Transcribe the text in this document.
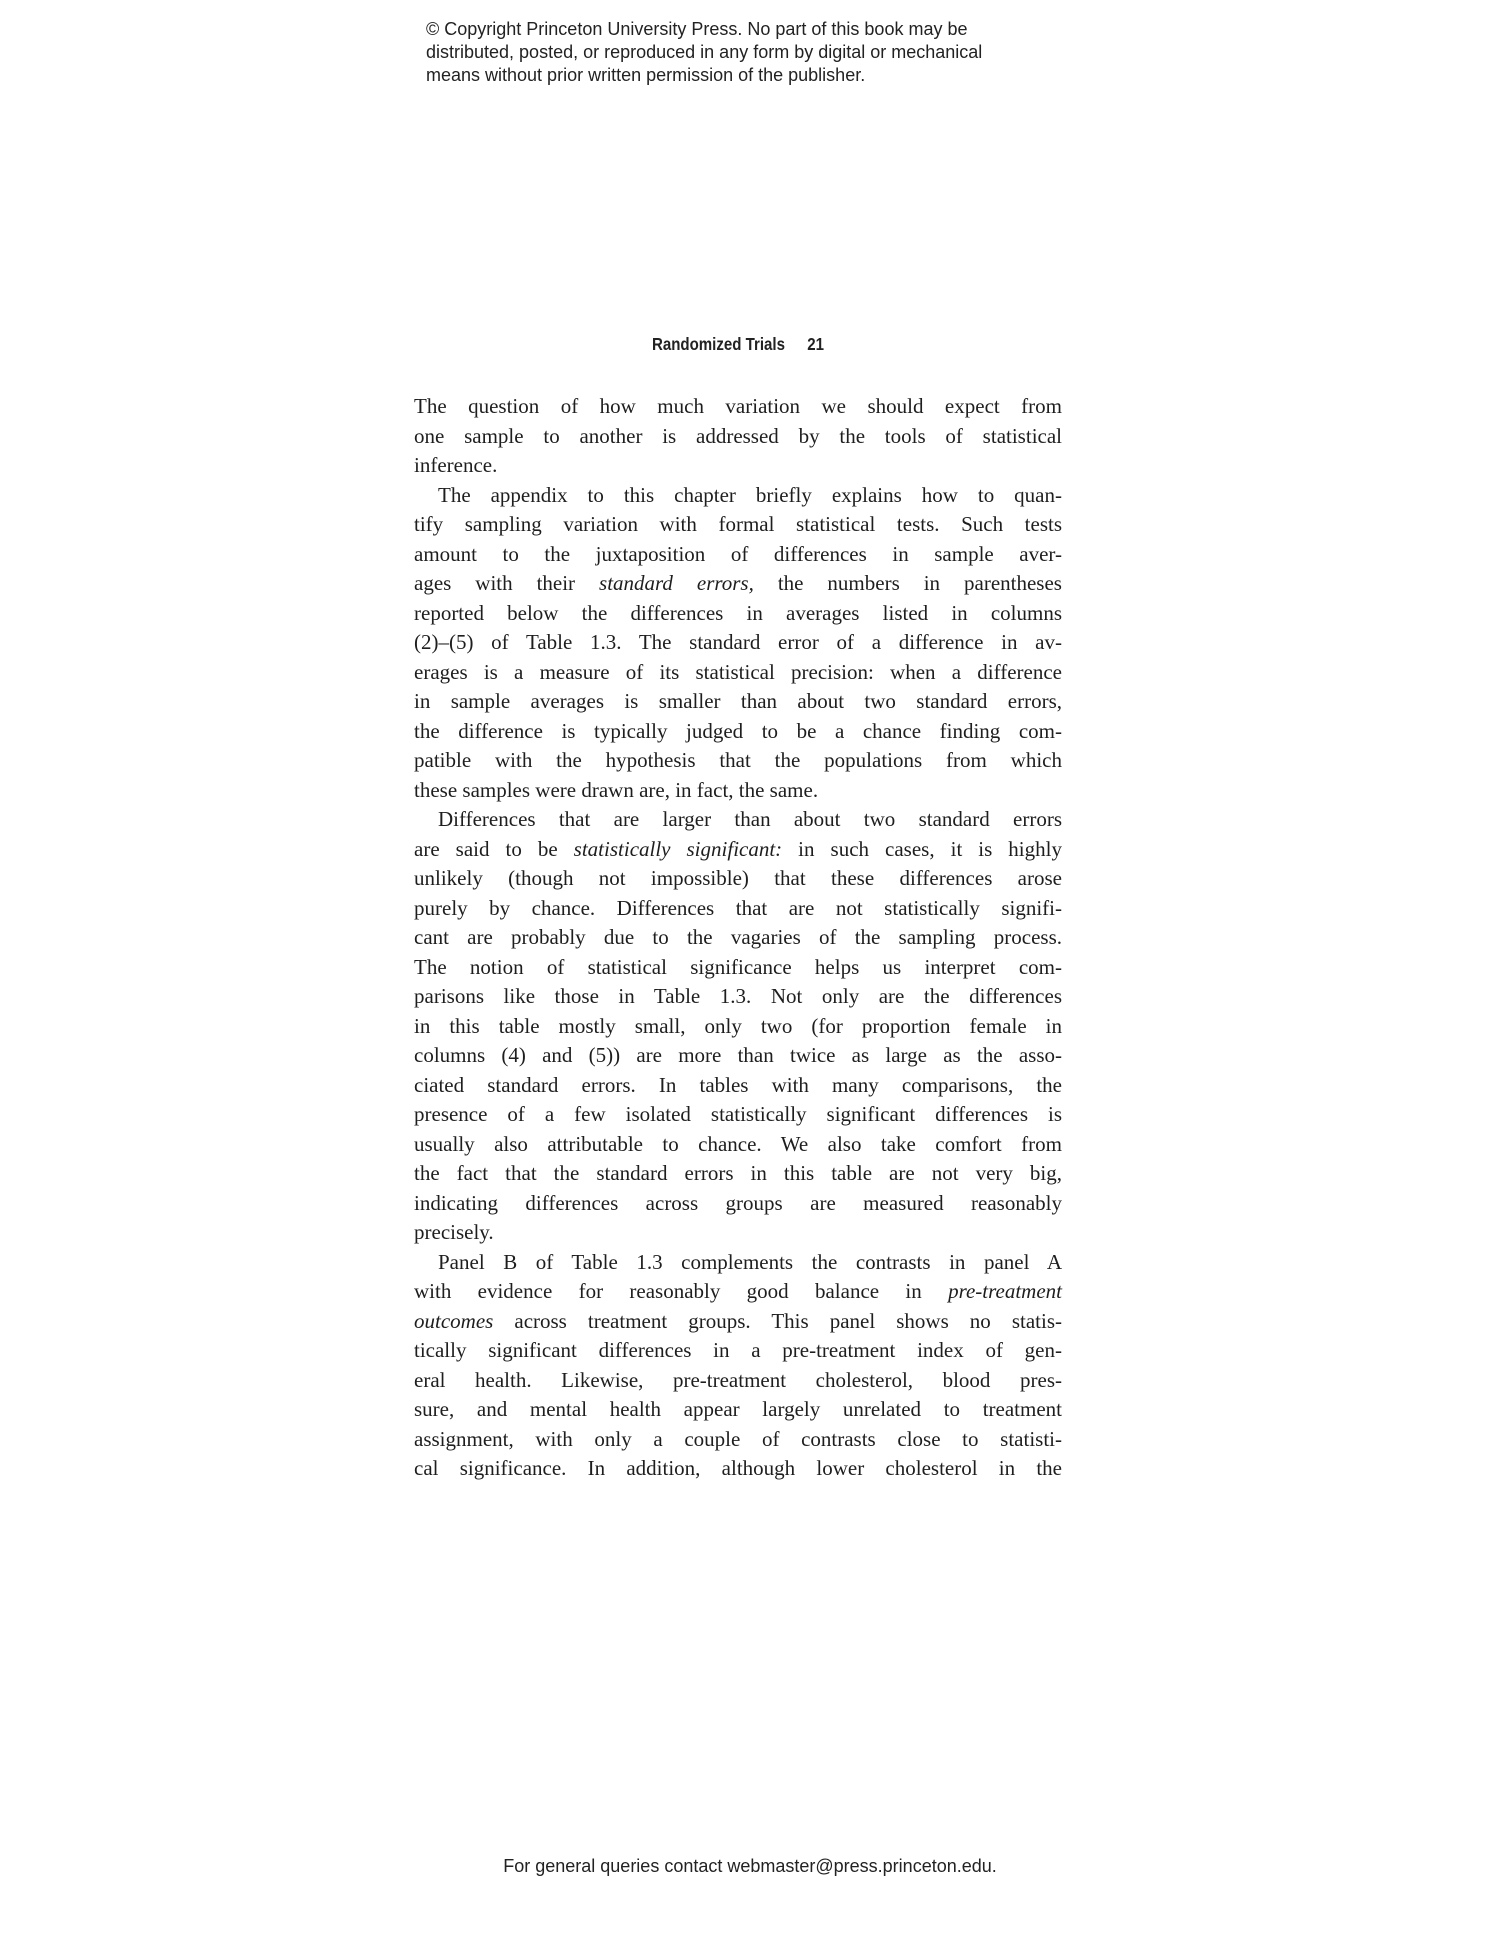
© Copyright Princeton University Press. No part of this book may be
distributed, posted, or reproduced in any form by digital or mechanical
means without prior written permission of the publisher.
Randomized Trials 21
The question of how much variation we should expect from
one sample to another is addressed by the tools of statistical
inference.
The appendix to this chapter briefly explains how to quan-
tify sampling variation with formal statistical tests. Such tests
amount to the juxtaposition of differences in sample aver-
ages with their standard errors, the numbers in parentheses
reported below the differences in averages listed in columns
(2)–(5) of Table 1.3. The standard error of a difference in av-
erages is a measure of its statistical precision: when a difference
in sample averages is smaller than about two standard errors,
the difference is typically judged to be a chance finding com-
patible with the hypothesis that the populations from which
these samples were drawn are, in fact, the same.
Differences that are larger than about two standard errors
are said to be statistically significant: in such cases, it is highly
unlikely (though not impossible) that these differences arose
purely by chance. Differences that are not statistically signifi-
cant are probably due to the vagaries of the sampling process.
The notion of statistical significance helps us interpret com-
parisons like those in Table 1.3. Not only are the differences
in this table mostly small, only two (for proportion female in
columns (4) and (5)) are more than twice as large as the asso-
ciated standard errors. In tables with many comparisons, the
presence of a few isolated statistically significant differences is
usually also attributable to chance. We also take comfort from
the fact that the standard errors in this table are not very big,
indicating differences across groups are measured reasonably
precisely.
Panel B of Table 1.3 complements the contrasts in panel A
with evidence for reasonably good balance in pre-treatment
outcomes across treatment groups. This panel shows no statis-
tically significant differences in a pre-treatment index of gen-
eral health. Likewise, pre-treatment cholesterol, blood pres-
sure, and mental health appear largely unrelated to treatment
assignment, with only a couple of contrasts close to statisti-
cal significance. In addition, although lower cholesterol in the
For general queries contact webmaster@press.princeton.edu.
